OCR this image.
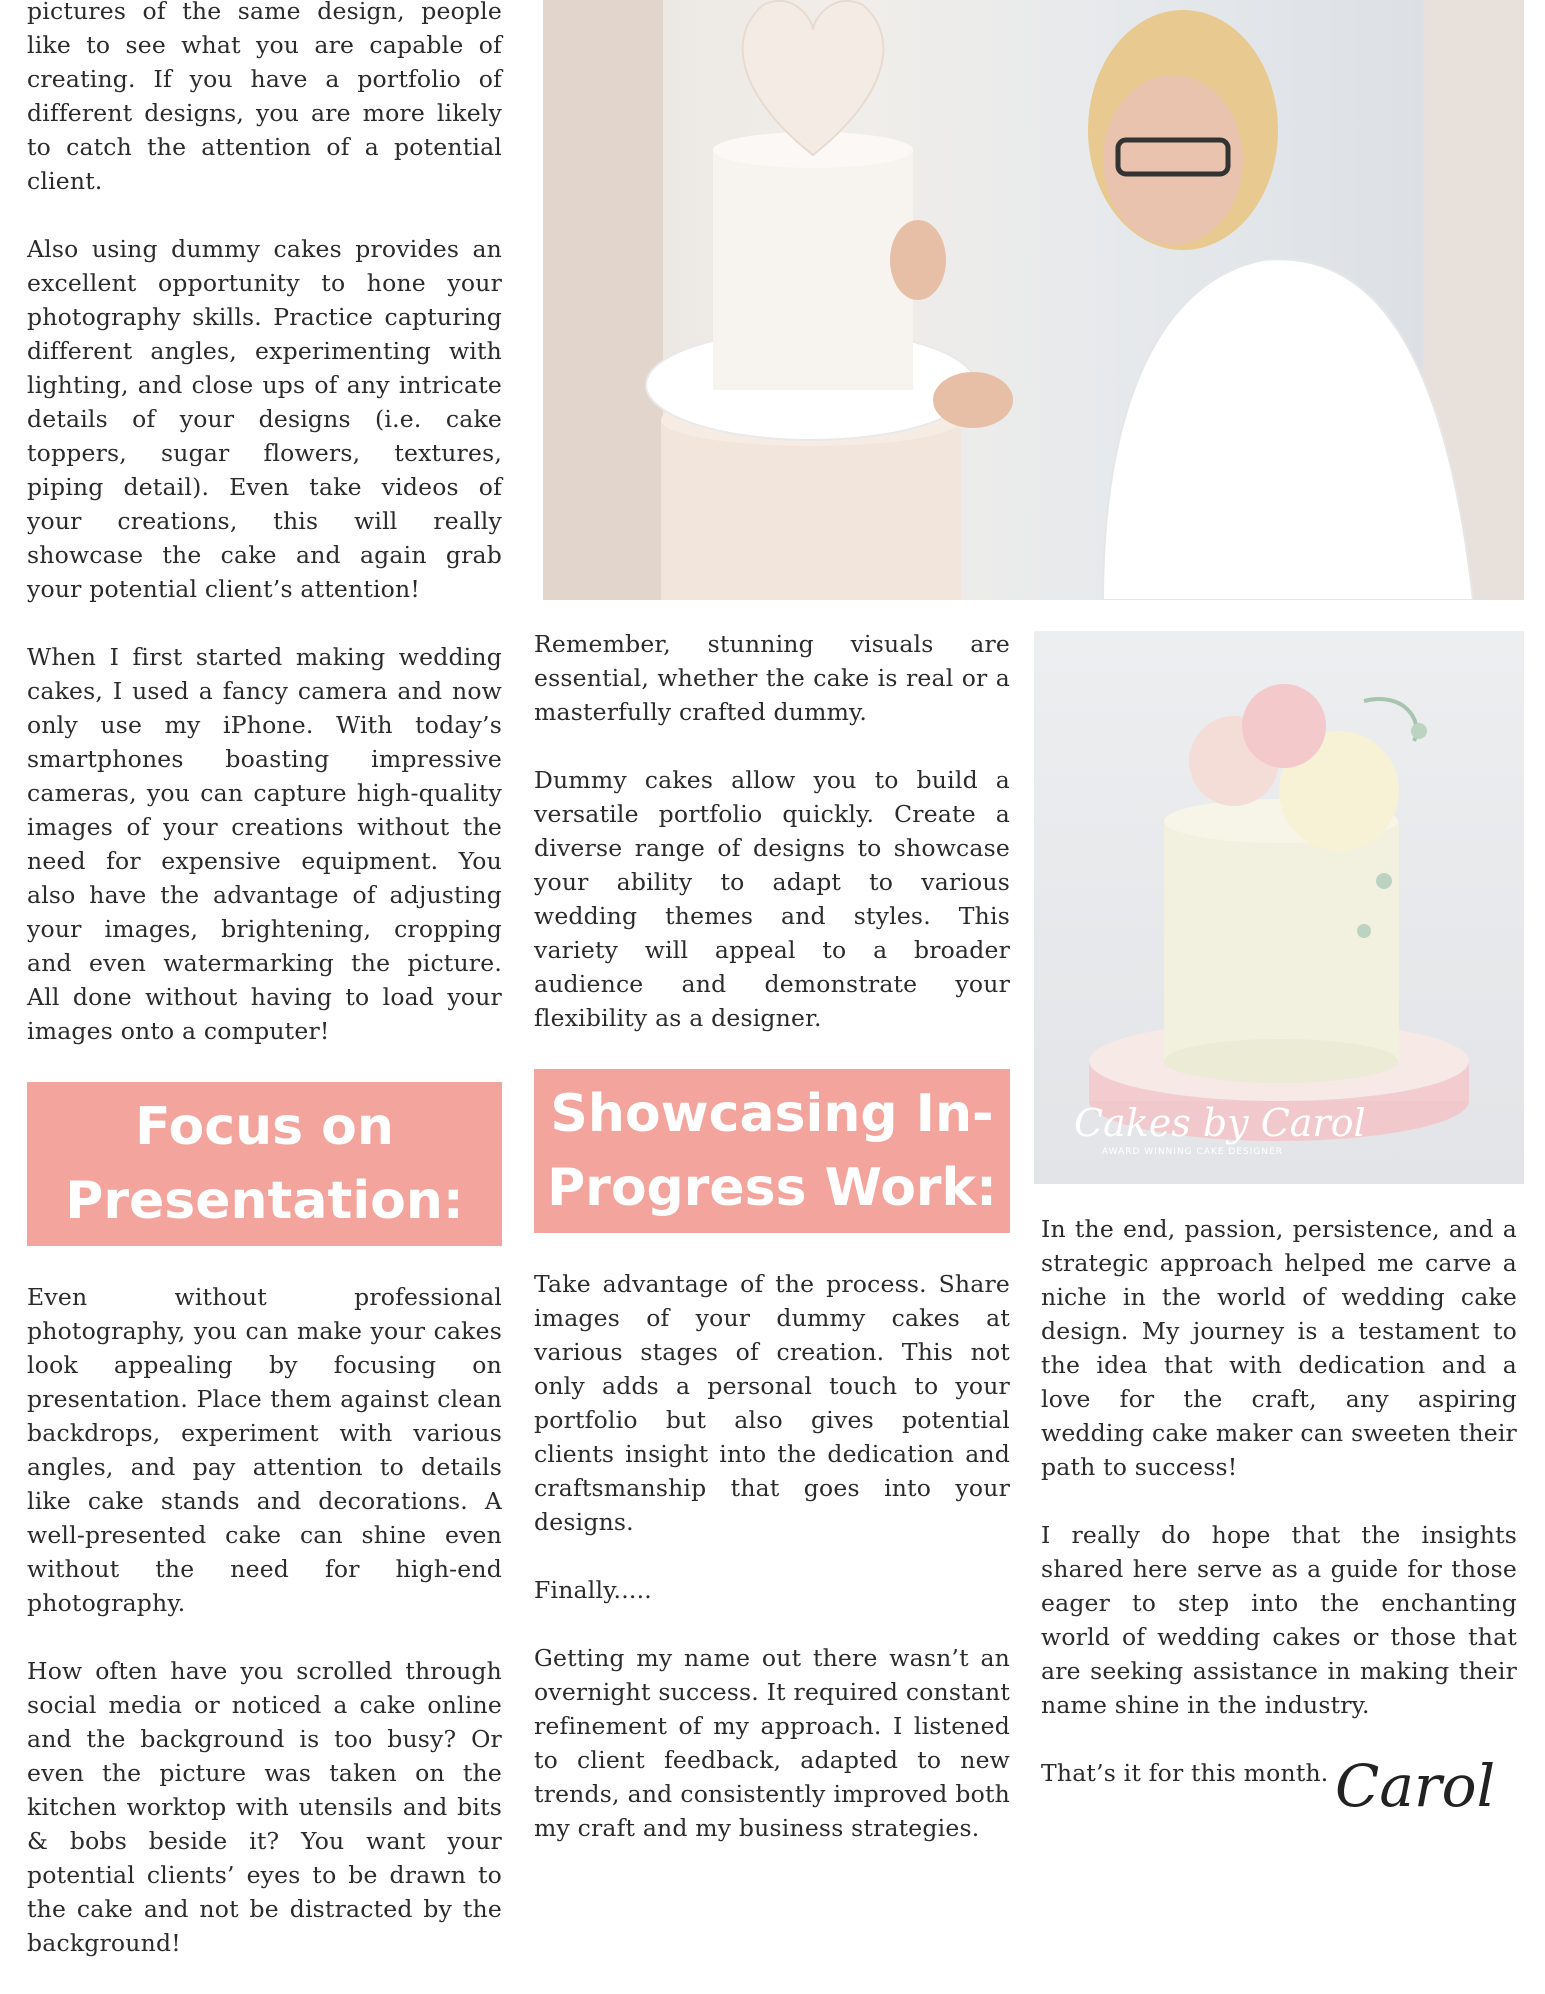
pictures of the same design, people like to see what you are capable of creating. If you have a portfolio of different designs, you are more likely to catch the attention of a potential client.

Also using dummy cakes provides an excellent opportunity to hone your photography skills. Practice capturing different angles, experimenting with lighting, and close ups of any intricate details of your designs (i.e. cake toppers, sugar flowers, textures, piping detail). Even take videos of your creations, this will really showcase the cake and again grab your potential client’s attention!

When I first started making wedding cakes, I used a fancy camera and now only use my iPhone. With today’s smartphones boasting impressive cameras, you can capture high-quality images of your creations without the need for expensive equipment. You also have the advantage of adjusting your images, brightening, cropping and even watermarking the picture. All done without having to load your images onto a computer!

Focus on Presentation:

Even without professional photography, you can make your cakes look appealing by focusing on presentation. Place them against clean backdrops, experiment with various angles, and pay attention to details like cake stands and decorations. A well-presented cake can shine even without the need for high-end photography.

How often have you scrolled through social media or noticed a cake online and the background is too busy? Or even the picture was taken on the kitchen worktop with utensils and bits & bobs beside it? You want your potential clients’ eyes to be drawn to the cake and not be distracted by the background!

Remember, stunning visuals are essential, whether the cake is real or a masterfully crafted dummy.

Dummy cakes allow you to build a versatile portfolio quickly. Create a diverse range of designs to showcase your ability to adapt to various wedding themes and styles. This variety will appeal to a broader audience and demonstrate your flexibility as a designer.

Showcasing In-Progress Work:

Take advantage of the process. Share images of your dummy cakes at various stages of creation. This not only adds a personal touch to your portfolio but also gives potential clients insight into the dedication and craftsmanship that goes into your designs.

Finally.....

Getting my name out there wasn’t an overnight success. It required constant refinement of my approach. I listened to client feedback, adapted to new trends, and consistently improved both my craft and my business strategies.

Cakes by Carol
AWARD WINNING CAKE DESIGNER

In the end, passion, persistence, and a strategic approach helped me carve a niche in the world of wedding cake design. My journey is a testament to the idea that with dedication and a love for the craft, any aspiring wedding cake maker can sweeten their path to success!

I really do hope that the insights shared here serve as a guide for those eager to step into the enchanting world of wedding cakes or those that are seeking assistance in making their name shine in the industry.

That’s it for this month. Carol
